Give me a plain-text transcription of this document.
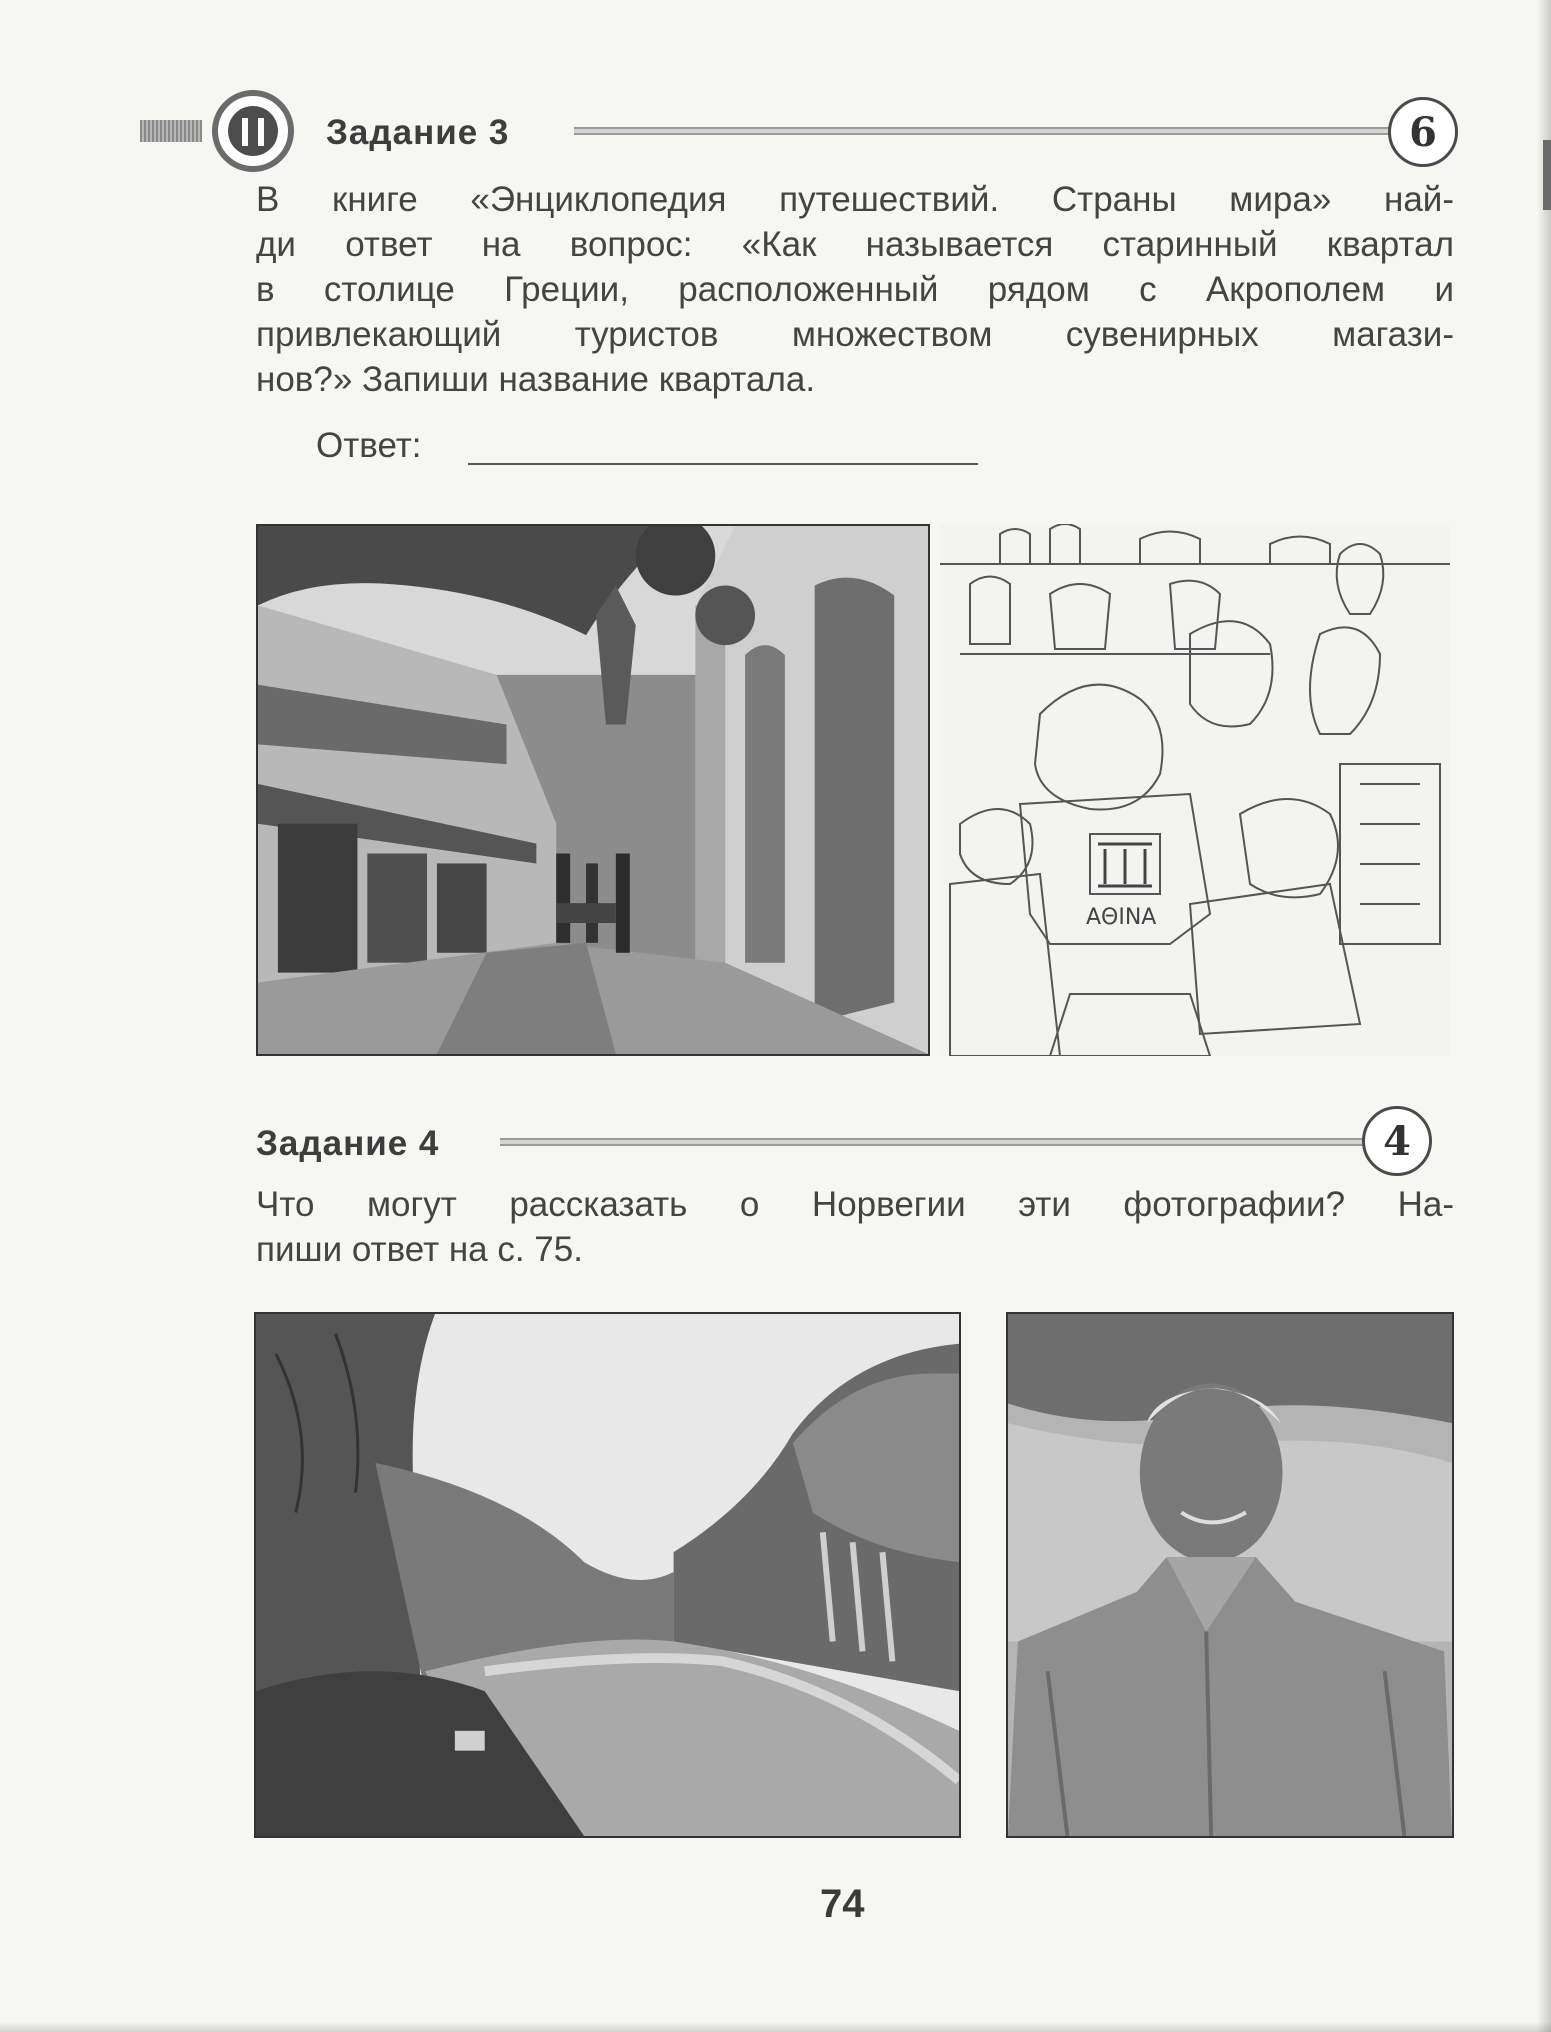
Задание 3	6
В книге «Энциклопедия путешествий. Страны мира» най-
ди ответ на вопрос: «Как называется старинный квартал
в столице Греции, расположенный рядом с Акрополем и
привлекающий туристов множеством сувенирных магази-
нов?» Запиши название квартала.
Ответ:
AΘINA
Задание 4	4
Что могут рассказать о Норвегии эти фотографии? На-
пиши ответ на с. 75.
74
